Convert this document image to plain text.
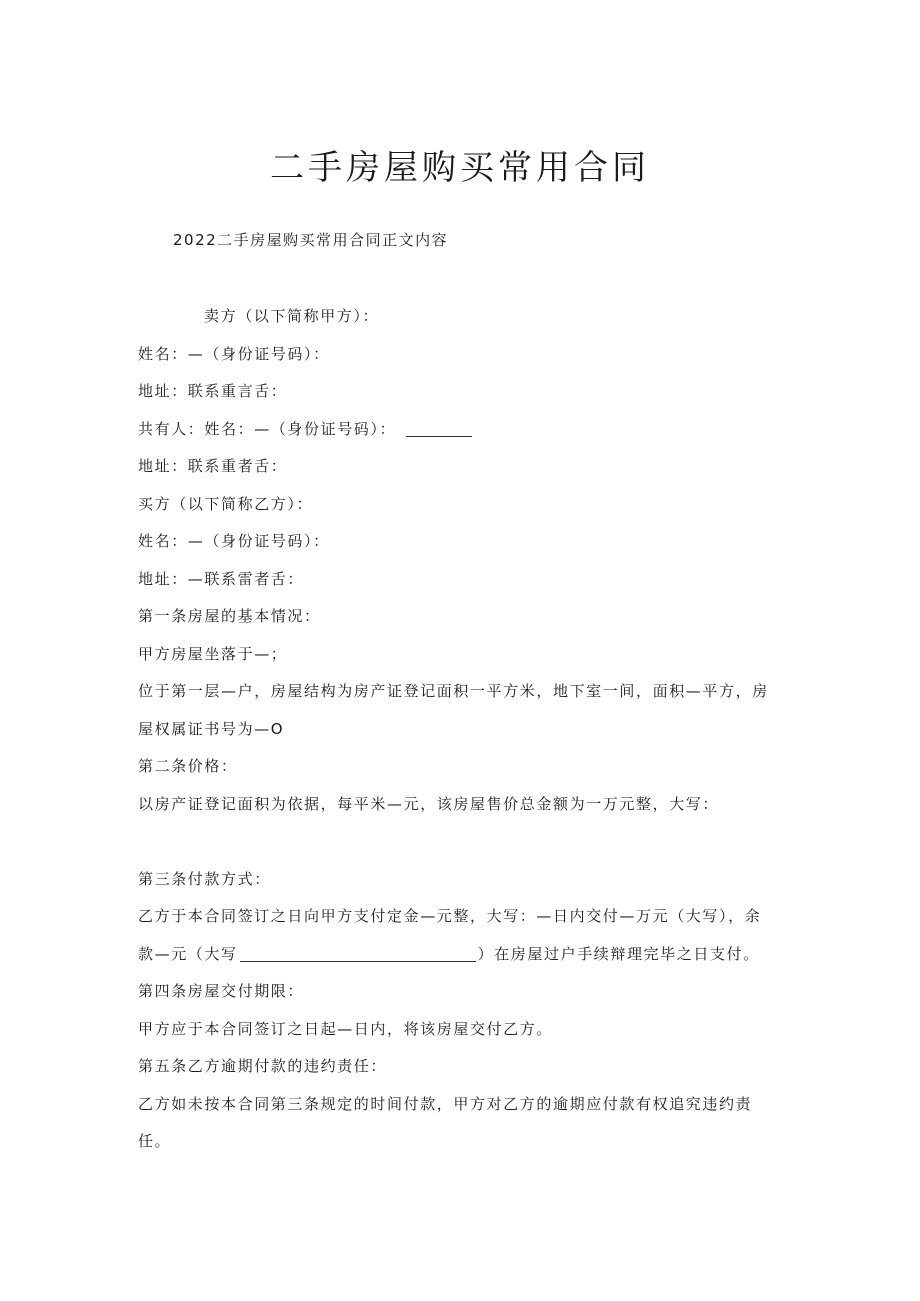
二手房屋购买常用合同
2022二手房屋购买常用合同正文内容

卖方（以下简称甲方）：

姓名：—（身份证号码）：

地址：联系重言舌：

共有人：姓名：—（身份证号码）：

地址：联系重者舌：

买方（以下简称乙方）：

姓名：—（身份证号码）：

地址：—联系雷者舌：

第一条房屋的基本情况：

甲方房屋坐落于—；

位于第一层—户，房屋结构为房产证登记面积一平方米，地下室一间，面积—平方，房

屋权属证书号为—O

第二条价格：

以房产证登记面积为依据，每平米—元，该房屋售价总金额为一万元整，大写：

第三条付款方式：

乙方于本合同签订之日向甲方支付定金—元整，大写：—日内交付—万元（大写），余

款—元（大写	）在房屋过户手续辩理完毕之日支付。

第四条房屋交付期限：

甲方应于本合同签订之日起—日内，将该房屋交付乙方。

第五条乙方逾期付款的违约责任：

乙方如未按本合同第三条规定的时间付款，甲方对乙方的逾期应付款有权追究违约责

任。
